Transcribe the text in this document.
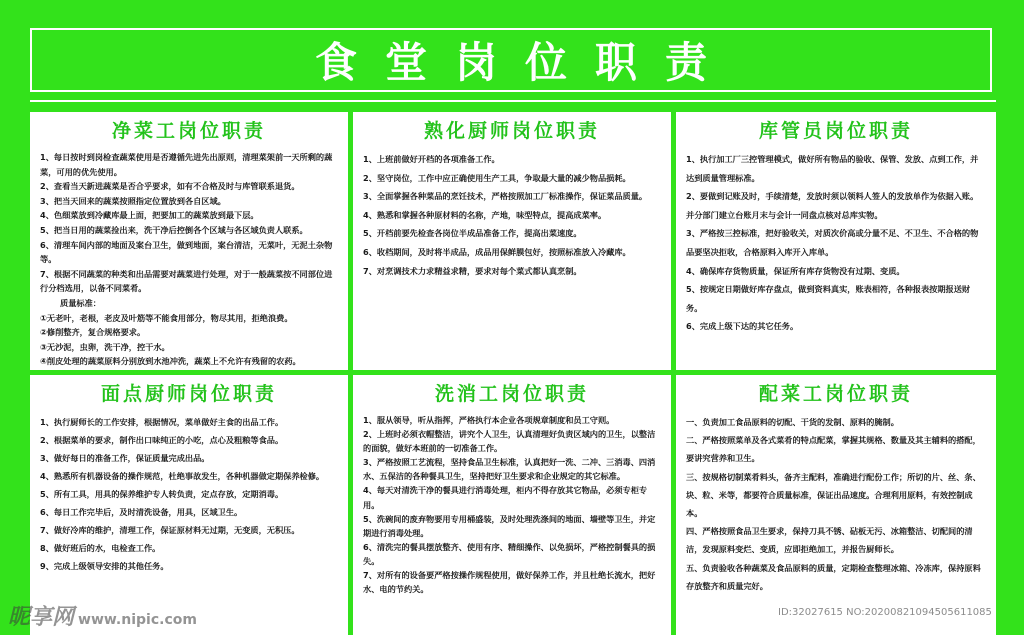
食堂岗位职责
净菜工岗位职责

1、每日按时到岗检查蔬菜使用是否遵循先进先出原则，清理菜架前一天所剩的蔬菜，可用的优先使用。

2、查看当天新进蔬菜是否合乎要求，如有不合格及时与库管联系退货。

3、把当天回来的蔬菜按照指定位置放到各自区域。

4、色细菜放到冷藏库最上面，把要加工的蔬菜放到最下层。

5、把当日用的蔬菜捡出来，洗干净后控倒各个区域与各区域负责人联系。

6、清理车间内部的地面及案台卫生，做到地面，案台清洁，无菜叶，无泥土杂物等。

7、根据不同蔬菜的种类和出品需要对蔬菜进行处理，对于一般蔬菜按不同部位进行分档选用，以备不同菜肴。

质量标准：

①无老叶，老根，老皮及叶筋等不能食用部分，物尽其用，拒绝浪费。

②修削整齐，复合规格要求。

③无沙泥，虫卵，洗干净，控干水。

④削皮处理的蔬菜原料分别放到水池冲洗，蔬菜上不允许有残留的农药。

熟化厨师岗位职责

1、上班前做好开档的各项准备工作。

2、坚守岗位，工作中应正确使用生产工具，争取最大量的减少物品损耗。

3、全面掌握各种菜品的烹饪技术，严格按照加工厂标准操作，保证菜品质量。

4、熟悉和掌握各种原材料的名称，产地，味型特点，提高成菜率。

5、开档前要先检查各岗位半成品准备工作，提高出菜速度。

6、收档期间，及时将半成品，成品用保鲜膜包好，按照标准放入冷藏库。

7、对烹调技术力求精益求精，要求对每个菜式都认真烹制。

库管员岗位职责

1、执行加工厂三控管理模式，做好所有物品的验收、保管、发放、点到工作，并达到质量管理标准。

2、要做到记账及时，手续清楚，发放时须以领料人签人的发放单作为依据入账。并分部门建立台账月末与会计一同盘点核对总库实物。

3、严格按三控标准，把好验收关，对质次价高或分量不足、不卫生、不合格的物品要坚决拒收，合格原料入库开入库单。

4、确保库存货物质量，保证所有库存货物没有过期、变质。

5、按规定日期做好库存盘点，做到资料真实，账表相符，各种报表按期报送财务。

6、完成上级下达的其它任务。

面点厨师岗位职责

1、执行厨师长的工作安排，根据情况，菜单做好主食的出品工作。

2、根据菜单的要求，制作出口味纯正的小吃，点心及粗粮等食品。

3、做好每日的准备工作，保证质量完成出品。

4、熟悉所有机器设备的操作规范，杜绝事故发生，各种机器做定期保养检修。

5、所有工具，用具的保养维护专人转负责，定点存放，定期消毒。

6、每日工作完毕后，及时清洗设备，用具，区域卫生。

7、做好冷库的维护，清理工作，保证原材料无过期，无变质，无积压。

8、做好班后的水，电检查工作。

9、完成上级领导安排的其他任务。

洗消工岗位职责

1、服从领导，听从指挥，严格执行本企业各项规章制度和员工守则。

2、上班时必须衣帽整洁，讲究个人卫生，认真清理好负责区域内的卫生，以整洁的面貌，做好本班前的一切准备工作。

3、严格按照工艺流程，坚持食品卫生标准，认真把好一洗、二冲、三消毒、四消水、五保洁的各种餐具卫生，坚持把好卫生要求和企业规定的其它标准。

4、每天对清洗干净的餐具进行消毒处理，柜内不得存放其它物品，必须专柜专用。

5、洗碗间的废弃物要用专用桶盛装，及时处理洗涤间的地面、墙壁等卫生，并定期进行消毒处理。

6、清洗完的餐具摆放整齐、使用有序、精细操作、以免损坏，严格控制餐具的损失。

7、对所有的设备要严格按操作规程使用，做好保养工作，并且杜绝长流水，把好水、电的节约关。

配菜工岗位职责

一、负责加工食品原料的切配、干货的发制、原料的腌制。

二、严格按照菜单及各式菜肴的特点配菜，掌握其规格、数量及其主辅料的搭配，要讲究营养和卫生。

三、按规格切制菜肴料头，备齐主配料，准确进行配份工作；所切的片、丝、条、块、粒、米等，都要符合质量标准，保证出品速度。合理利用原料，有效控制成本。

四、严格按照食品卫生要求，保持刀具不锈、砧板无污、冰箱整洁、切配间的清洁，发现原料变烂、变质，应即拒绝加工，并报告厨师长。

五、负责验收各种蔬菜及食品原料的质量，定期检查整理冰箱、冷冻库，保持原料存放整齐和质量完好。

昵享网 www.nipic.com	ID:32027615 NO:20200821094505611085
